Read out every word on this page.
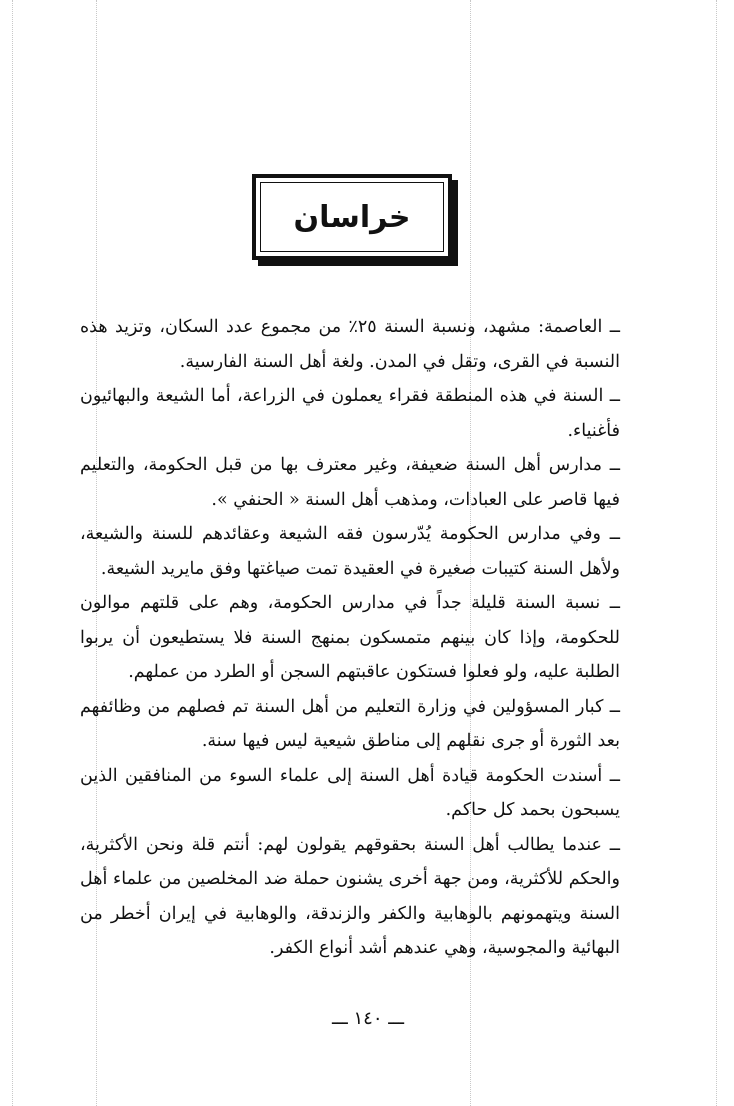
خراسان

ــ العاصمة: مشهد، ونسبة السنة ٢٥٪ من مجموع عدد السكان، وتزيد هذه النسبة في القرى، وتقل في المدن. ولغة أهل السنة الفارسية.

ــ السنة في هذه المنطقة فقراء يعملون في الزراعة، أما الشيعة والبهائيون فأغنياء.

ــ مدارس أهل السنة ضعيفة، وغير معترف بها من قبل الحكومة، والتعليم فيها قاصر على العبادات، ومذهب أهل السنة « الحنفي ».

ــ وفي مدارس الحكومة يُدّرسون فقه الشيعة وعقائدهم للسنة والشيعة، ولأهل السنة كتيبات صغيرة في العقيدة تمت صياغتها وفق مايريد الشيعة.

ــ نسبة السنة قليلة جداً في مدارس الحكومة، وهم على قلتهم موالون للحكومة، وإذا كان بينهم متمسكون بمنهج السنة فلا يستطيعون أن يربوا الطلبة عليه، ولو فعلوا فستكون عاقبتهم السجن أو الطرد من عملهم.

ــ كبار المسؤولين في وزارة التعليم من أهل السنة تم فصلهم من وظائفهم بعد الثورة أو جرى نقلهم إلى مناطق شيعية ليس فيها سنة.

ــ أسندت الحكومة قيادة أهل السنة إلى علماء السوء من المنافقين الذين يسبحون بحمد كل حاكم.

ــ عندما يطالب أهل السنة بحقوقهم يقولون لهم: أنتم قلة ونحن الأكثرية، والحكم للأكثرية، ومن جهة أخرى يشنون حملة ضد المخلصين من علماء أهل السنة ويتهمونهم بالوهابية والكفر والزندقة، والوهابية في إيران أخطر من البهائية والمجوسية، وهي عندهم أشد أنواع الكفر.

ـــ ١٤٠ ـــ
